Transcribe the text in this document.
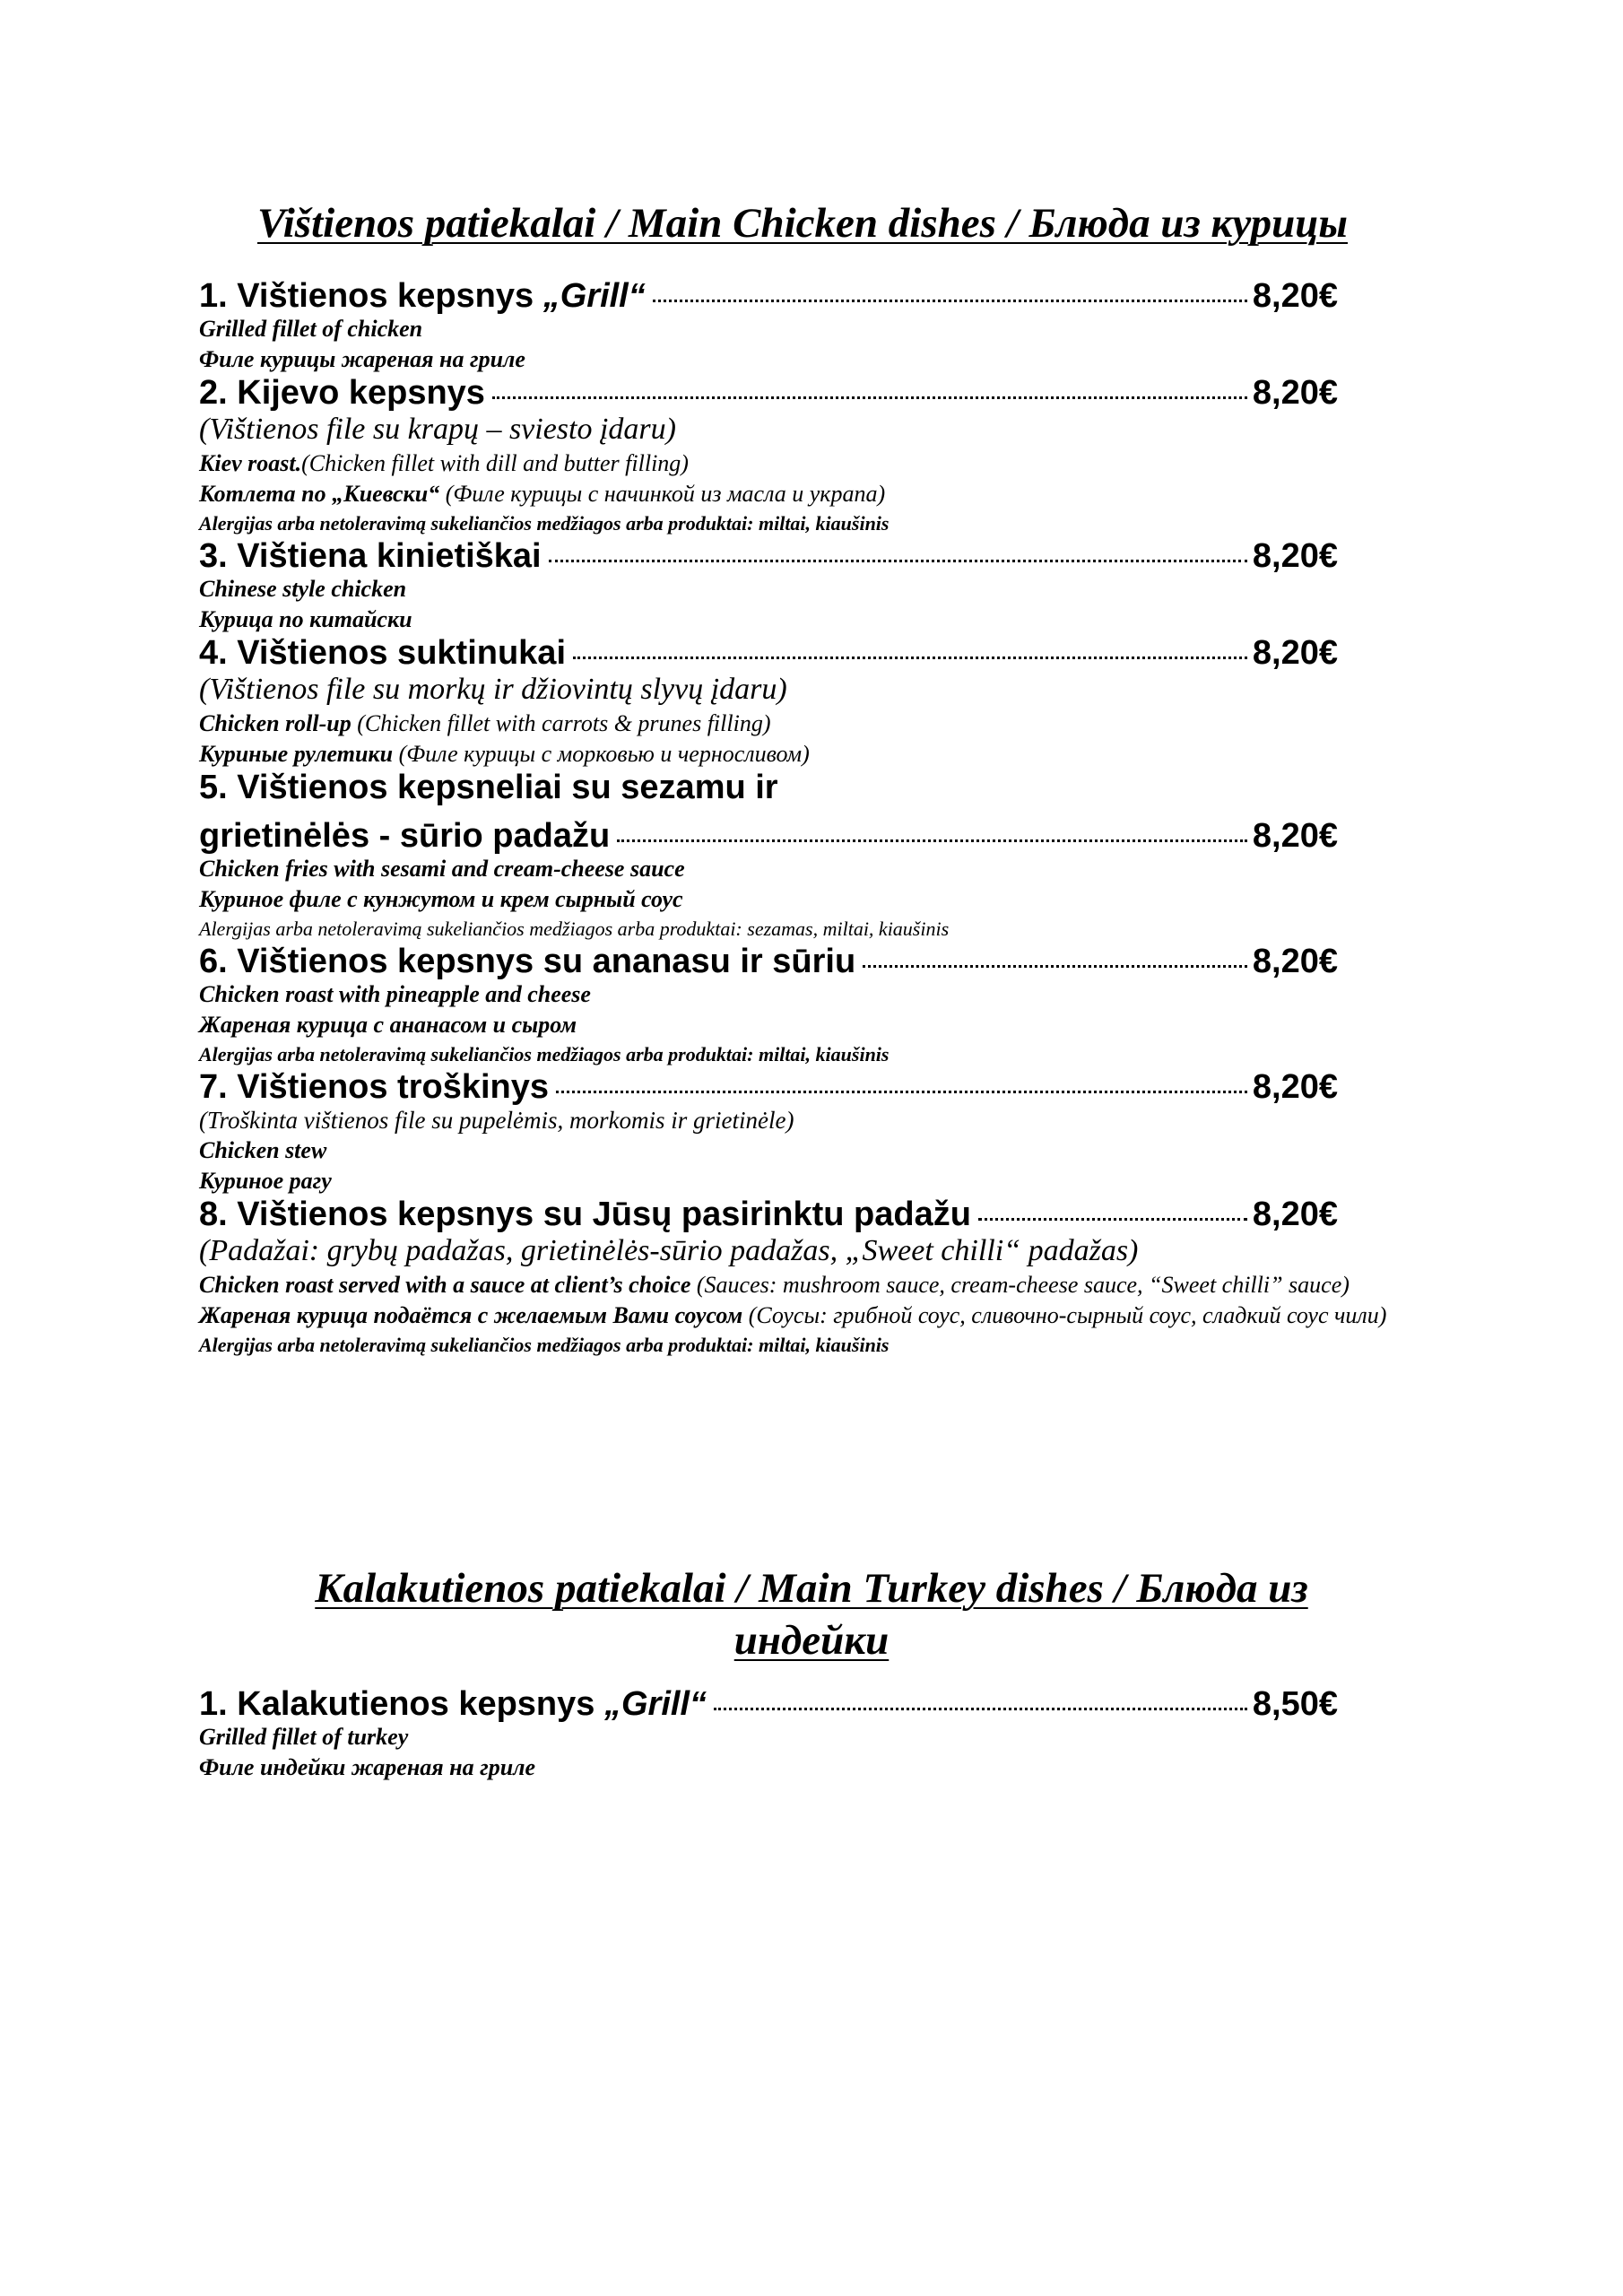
Vištienos patiekalai / Main Chicken dishes / Блюда из курицы
1. Vištienos kepsnys „Grill“	8,20€
Grilled fillet of chicken
Филе курицы жареная на гриле
2. Kijevo kepsnys	8,20€
(Vištienos file su krapų – sviesto įdaru)
Kiev roast.(Chicken fillet with dill and butter filling)
Котлета по „Киевски“ (Филе курицы с начинкой из масла и украпа)
Alergijas arba netoleravimą sukeliančios medžiagos arba produktai: miltai, kiaušinis
3. Vištiena kinietiškai	8,20€
Chinese style chicken
Курица по китайски
4. Vištienos suktinukai	8,20€
(Vištienos file su morkų ir džiovintų slyvų įdaru)
Chicken roll-up (Chicken fillet with carrots & prunes filling)
Куриные рулетики (Филе курицы с морковью и черносливом)
5. Vištienos kepsneliai su sezamu ir
grietinėlės - sūrio padažu	8,20€
Chicken fries with sesami and cream-cheese sauce
Куриное филе с кунжутом и крем сырный соус
Alergijas arba netoleravimą sukeliančios medžiagos arba produktai: sezamas, miltai, kiaušinis
6. Vištienos kepsnys su ananasu ir sūriu	8,20€
Chicken roast with pineapple and cheese
Жареная курица с ананасом и сыром
Alergijas arba netoleravimą sukeliančios medžiagos arba produktai: miltai, kiaušinis
7. Vištienos troškinys	8,20€
(Troškinta vištienos file su pupelėmis, morkomis ir grietinėle)
Chicken stew
Куриное рагу
8. Vištienos kepsnys su Jūsų pasirinktu padažu	8,20€
(Padažai: grybų padažas, grietinėlės-sūrio padažas, „Sweet chilli“ padažas)
Chicken roast served with a sauce at client’s choice (Sauces: mushroom sauce, cream-cheese sauce, “Sweet chilli” sauce)
Жареная курица подаётся с желаемым Вами соусом (Соусы: грибной соус, сливочно-сырный соус, сладкий соус чили)
Alergijas arba netoleravimą sukeliančios medžiagos arba produktai: miltai, kiaušinis
Kalakutienos patiekalai / Main Turkey dishes / Блюда из индейки
1. Kalakutienos kepsnys „Grill“	8,50€
Grilled fillet of turkey
Филе индейки жареная на гриле
